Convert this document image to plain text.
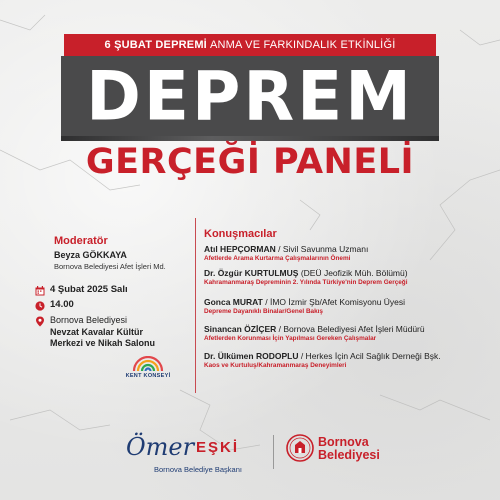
6 ŞUBAT DEPREMİ ANMA VE FARKINDALIK ETKİNLİĞİ
DEPREM
GERÇEĞİ PANELİ
Moderatör
Beyza GÖKKAYA
Bornova Belediyesi Afet İşleri Md.
4 Şubat 2025 Salı
14.00
Bornova Belediyesi
Nevzat Kavalar Kültür
Merkezi ve Nikah Salonu
KENT KONSEYİ
Konuşmacılar
Atıl HEPÇORMAN / Sivil Savunma Uzmanı
Afetlerde Arama Kurtarma Çalışmalarının Önemi
Dr. Özgür KURTULMUŞ (DEÜ Jeofizik Müh. Bölümü)
Kahramanmaraş Depreminin 2. Yılında Türkiye'nin Deprem Gerçeği
Gonca MURAT / İMO İzmir Şb/Afet Komisyonu Üyesi
Depreme Dayanıklı Binalar/Genel Bakış
Sinancan ÖZİÇER / Bornova Belediyesi Afet İşleri Müdürü
Afetlerden Korunması İçin Yapılması Gereken Çalışmalar
Dr. Ülkümen RODOPLU / Herkes İçin Acil Sağlık Derneği Bşk.
Kaos ve Kurtuluş/Kahramanmaraş Deneyimleri
Ömer EŞKİ
Bornova Belediye Başkanı
Bornova
Belediyesi
